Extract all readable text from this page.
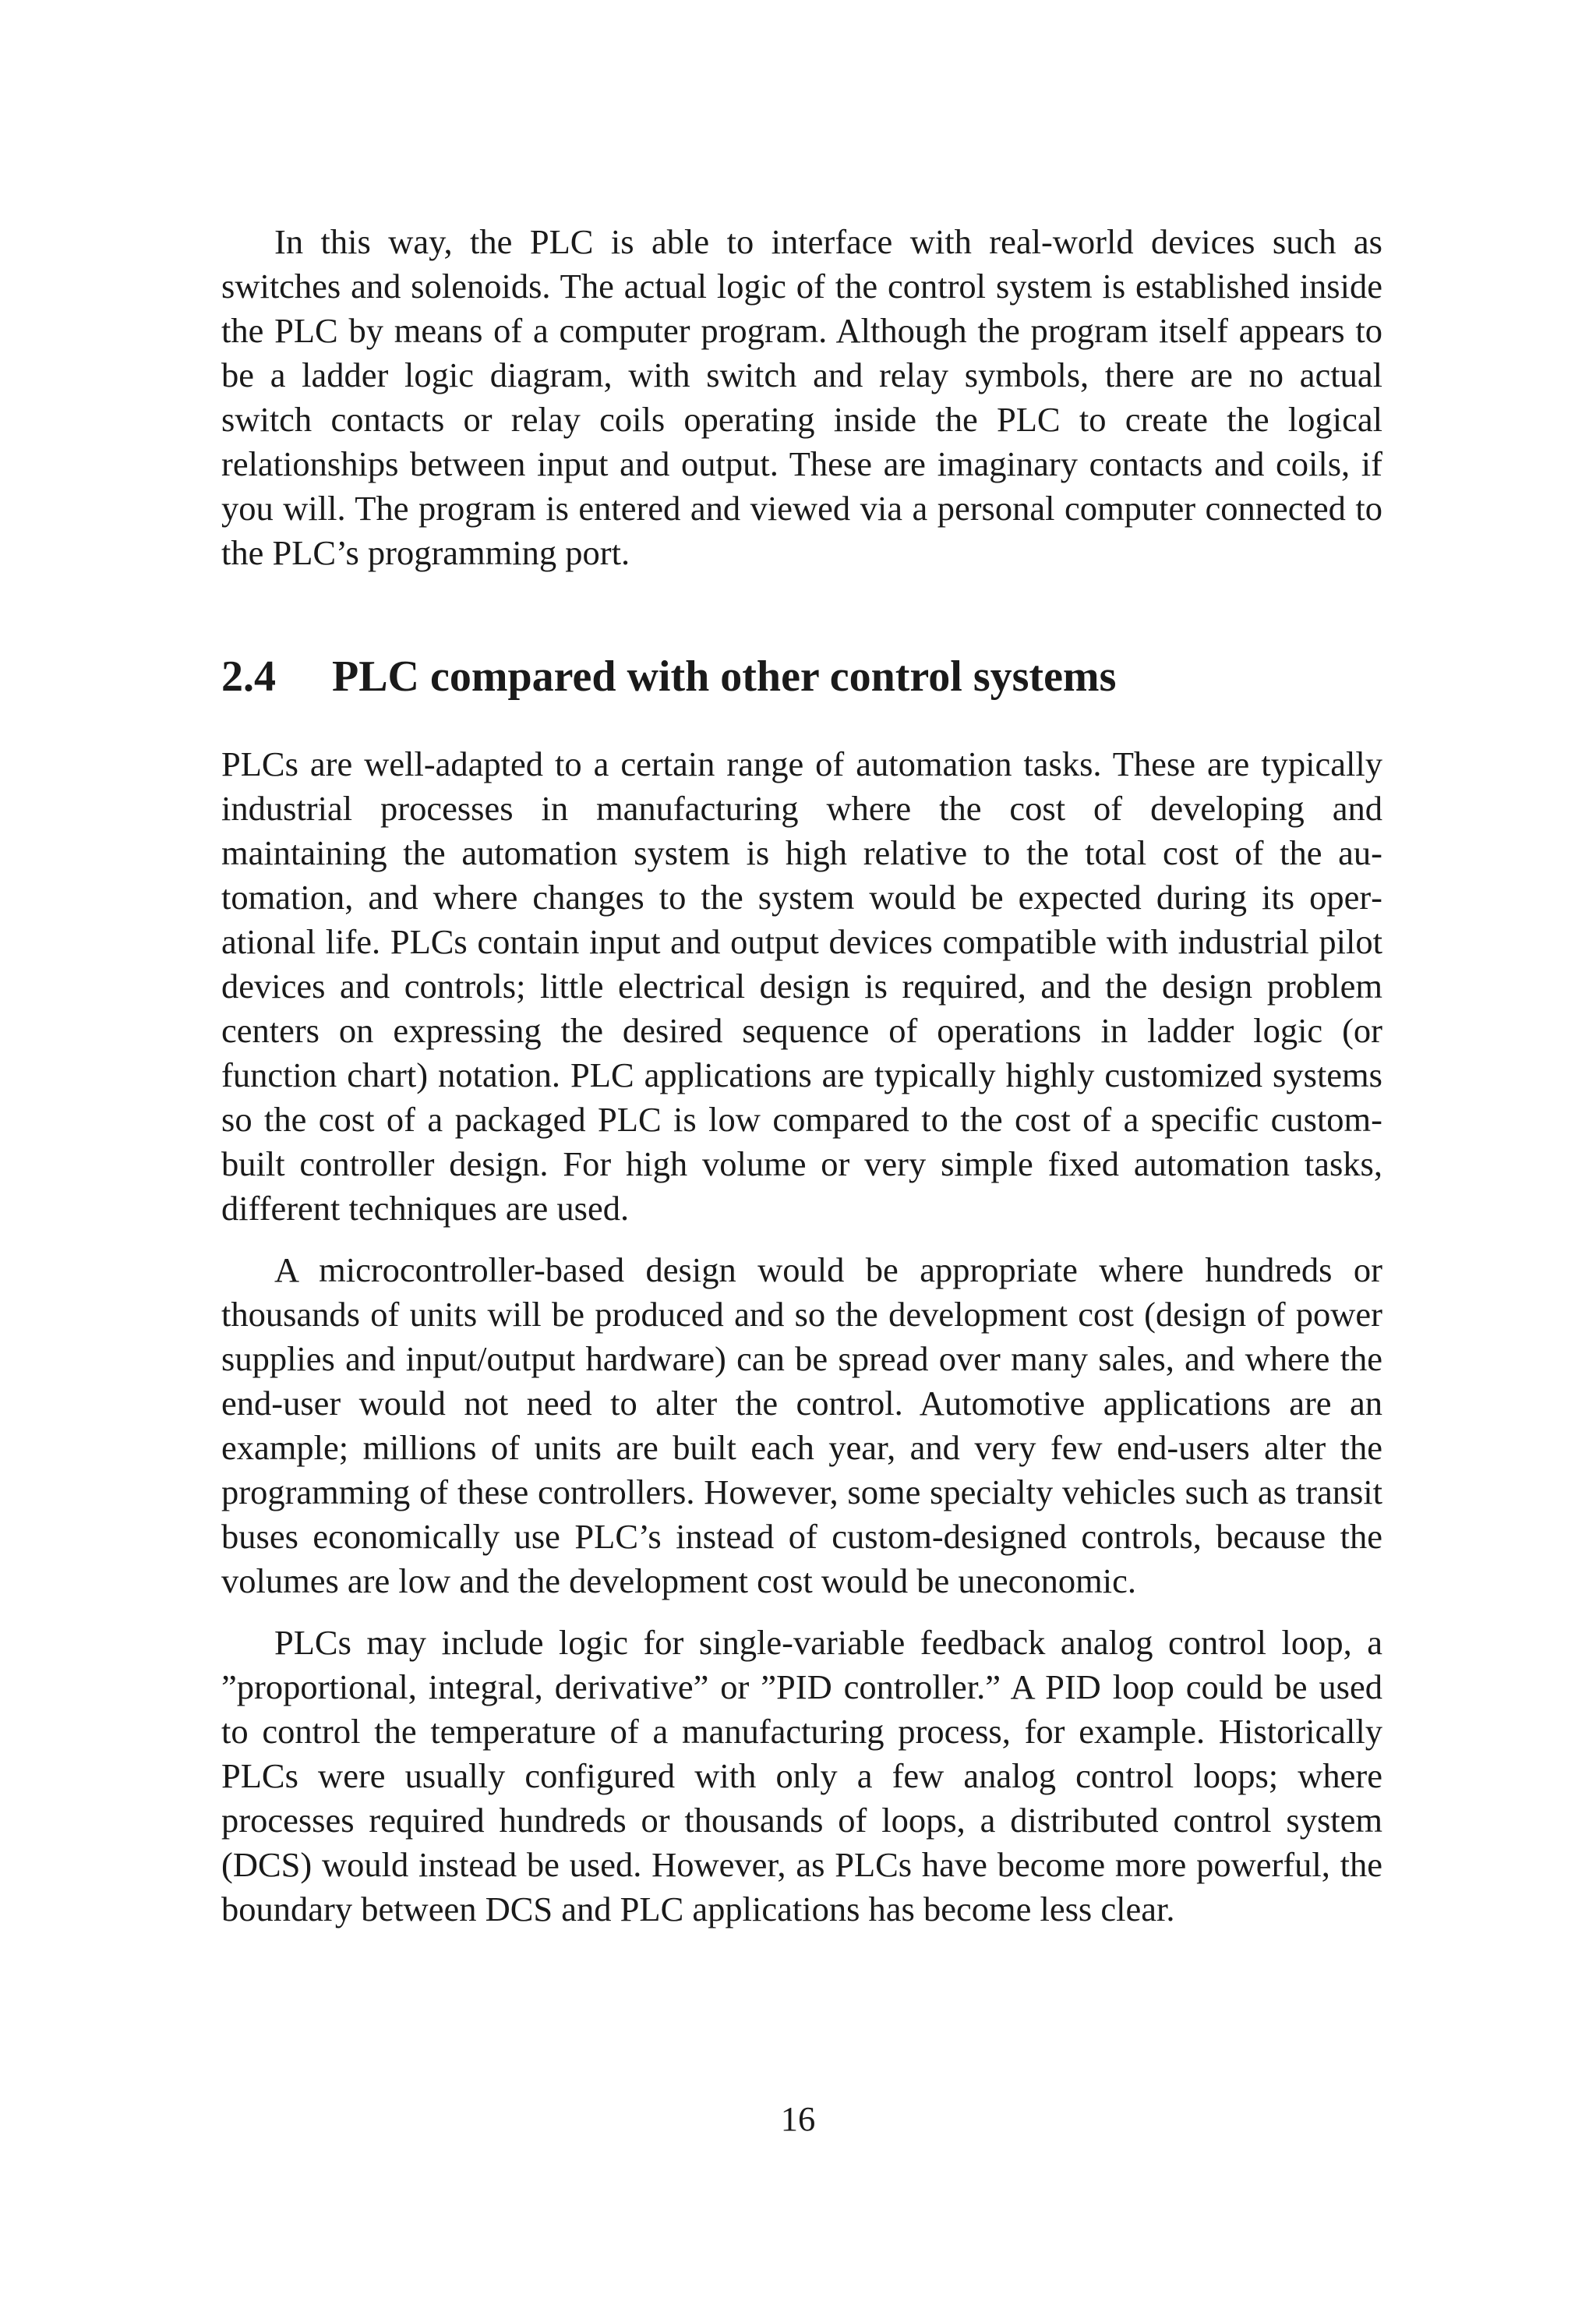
In this way, the PLC is able to interface with real-world devices such as switches and solenoids. The actual logic of the control system is established inside the PLC by means of a computer program. Although the program itself appears to be a ladder logic diagram, with switch and relay symbols, there are no actual switch contacts or relay coils operating inside the PLC to create the logical relationships between input and output. These are imaginary contacts and coils, if you will. The program is entered and viewed via a personal computer connected to the PLC’s programming port.

2.4 PLC compared with other control systems

PLCs are well-adapted to a certain range of automation tasks. These are typically industrial processes in manufacturing where the cost of developing and maintaining the automation system is high relative to the total cost of the automation, and where changes to the system would be expected during its operational life. PLCs contain input and output devices compatible with industrial pilot devices and controls; little electrical design is required, and the design problem centers on expressing the desired sequence of operations in ladder logic (or function chart) notation. PLC applications are typically highly customized systems so the cost of a packaged PLC is low compared to the cost of a specific custom-built controller design. For high volume or very simple fixed automation tasks, different techniques are used.

A microcontroller-based design would be appropriate where hundreds or thousands of units will be produced and so the development cost (design of power supplies and input/output hardware) can be spread over many sales, and where the end-user would not need to alter the control. Automotive applications are an example; millions of units are built each year, and very few end-users alter the programming of these controllers. However, some specialty vehicles such as transit buses economically use PLC’s instead of custom-designed controls, because the volumes are low and the development cost would be uneconomic.

PLCs may include logic for single-variable feedback analog control loop, a ”proportional, integral, derivative” or ”PID controller.” A PID loop could be used to control the temperature of a manufacturing process, for example. Historically PLCs were usually configured with only a few analog control loops; where processes required hundreds or thousands of loops, a distributed control system (DCS) would instead be used. However, as PLCs have become more powerful, the boundary between DCS and PLC applications has become less clear.

16
